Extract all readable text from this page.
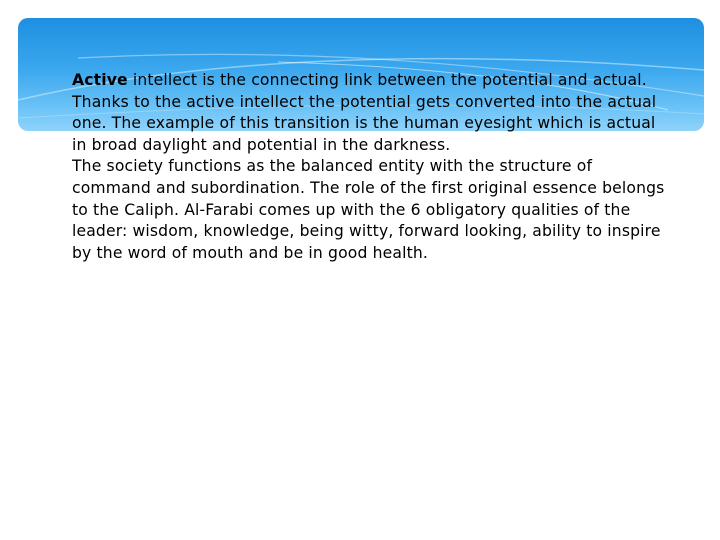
Active intellect is the connecting link between the potential and actual. Thanks to the active intellect the potential gets converted into the actual one. The example of this transition is the human eyesight which is actual in broad daylight and potential in the darkness.

The society functions as the balanced entity with the structure of command and subordination. The role of the first original essence belongs to the Caliph. Al-Farabi comes up with the 6 obligatory qualities of the leader: wisdom, knowledge, being witty, forward looking, ability to inspire by the word of mouth and be in good health.
